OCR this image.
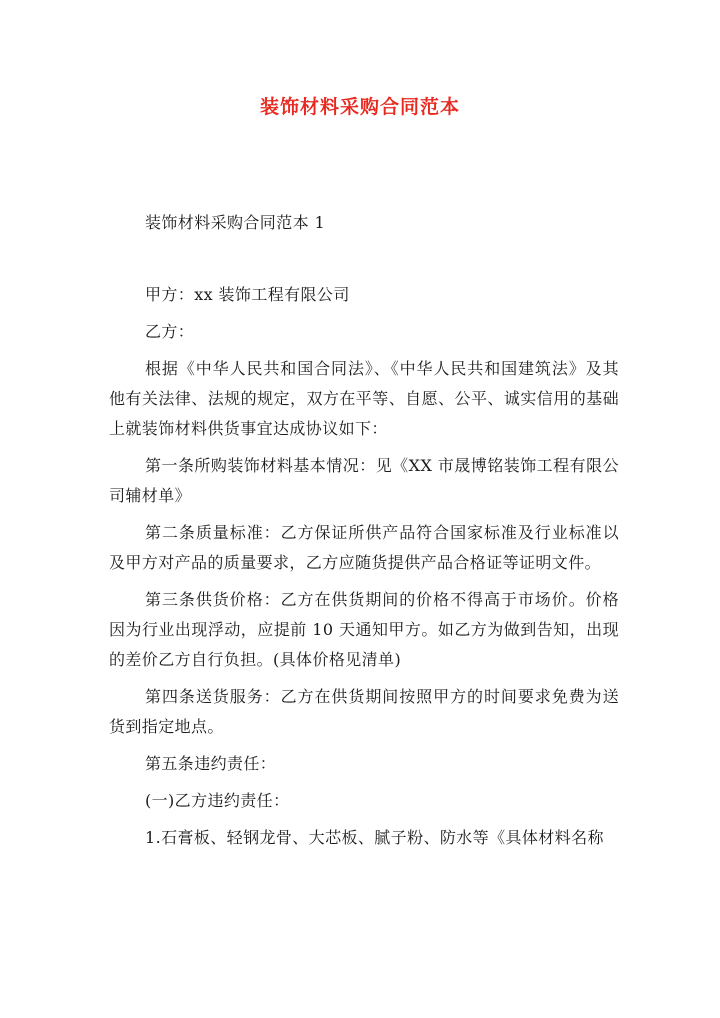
装饰材料采购合同范本

装饰材料采购合同范本 1

甲方：xx 装饰工程有限公司

乙方：

根据《中华人民共和国合同法》、《中华人民共和国建筑法》及其他有关法律、法规的规定，双方在平等、自愿、公平、诚实信用的基础上就装饰材料供货事宜达成协议如下：

第一条所购装饰材料基本情况：见《XX 市晟博铭装饰工程有限公司辅材单》

第二条质量标准：乙方保证所供产品符合国家标准及行业标准以及甲方对产品的质量要求，乙方应随货提供产品合格证等证明文件。

第三条供货价格：乙方在供货期间的价格不得高于市场价。价格因为行业出现浮动，应提前 10 天通知甲方。如乙方为做到告知，出现的差价乙方自行负担。(具体价格见清单)

第四条送货服务：乙方在供货期间按照甲方的时间要求免费为送货到指定地点。

第五条违约责任：

(一)乙方违约责任：

1.石膏板、轻钢龙骨、大芯板、腻子粉、防水等《具体材料名称
